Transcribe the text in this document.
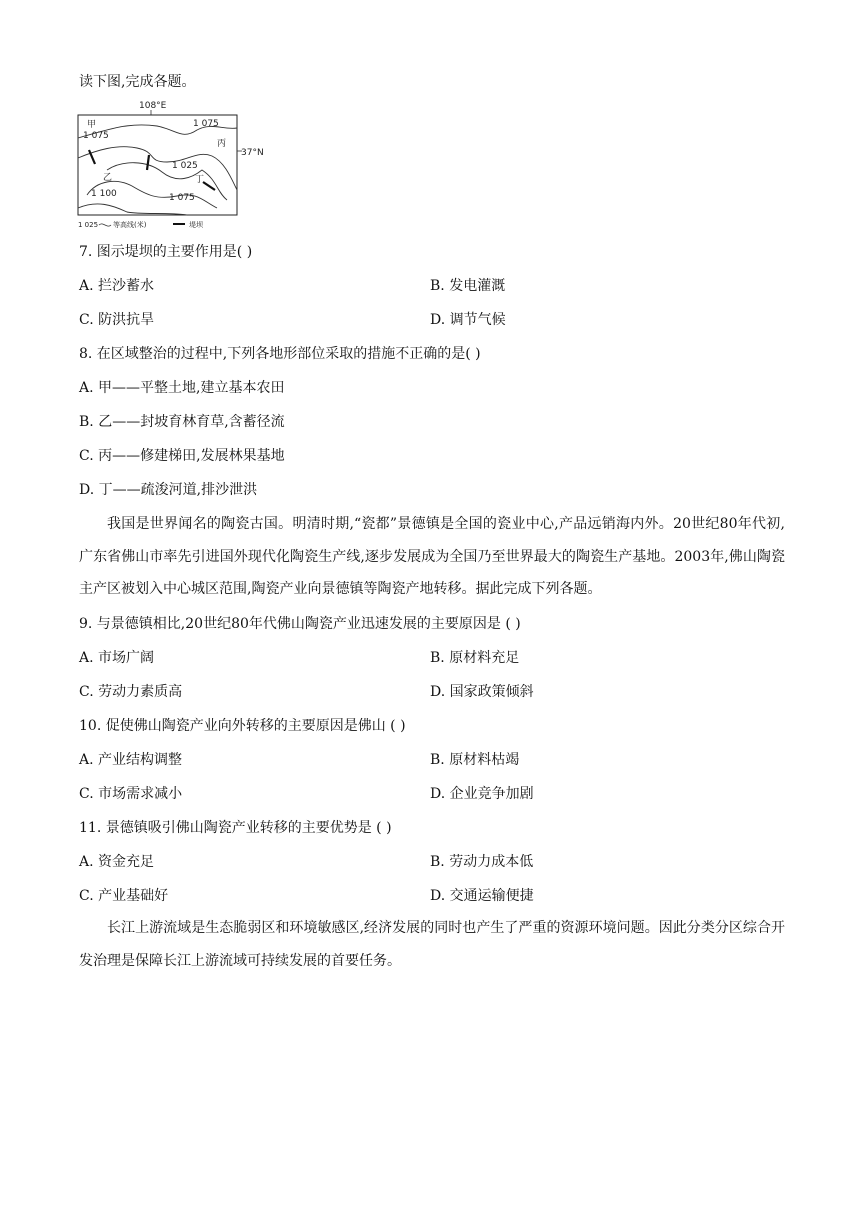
读下图,完成各题。
108°E
37°N
甲
乙
丙
丁
1 075
1 075
1 025
1 100	1 075
1 025 等高线(米)	堤坝
7. 图示堤坝的主要作用是( )
A. 拦沙蓄水	B. 发电灌溉
C. 防洪抗旱	D. 调节气候
8. 在区域整治的过程中,下列各地形部位采取的措施不正确的是( )
A. 甲——平整土地,建立基本农田
B. 乙——封坡育林育草,含蓄径流
C. 丙——修建梯田,发展林果基地
D. 丁——疏浚河道,排沙泄洪
我国是世界闻名的陶瓷古国。明清时期,“瓷都”景德镇是全国的瓷业中心,产品远销海内外。20世纪80年代初,广东省佛山市率先引进国外现代化陶瓷生产线,逐步发展成为全国乃至世界最大的陶瓷生产基地。2003年,佛山陶瓷主产区被划入中心城区范围,陶瓷产业向景德镇等陶瓷产地转移。据此完成下列各题。
9. 与景德镇相比,20世纪80年代佛山陶瓷产业迅速发展的主要原因是 ( )
A. 市场广阔	B. 原材料充足
C. 劳动力素质高	D. 国家政策倾斜
10. 促使佛山陶瓷产业向外转移的主要原因是佛山 ( )
A. 产业结构调整	B. 原材料枯竭
C. 市场需求减小	D. 企业竞争加剧
11. 景德镇吸引佛山陶瓷产业转移的主要优势是 ( )
A. 资金充足	B. 劳动力成本低
C. 产业基础好	D. 交通运输便捷
长江上游流域是生态脆弱区和环境敏感区,经济发展的同时也产生了严重的资源环境问题。因此分类分区综合开发治理是保障长江上游流域可持续发展的首要任务。
